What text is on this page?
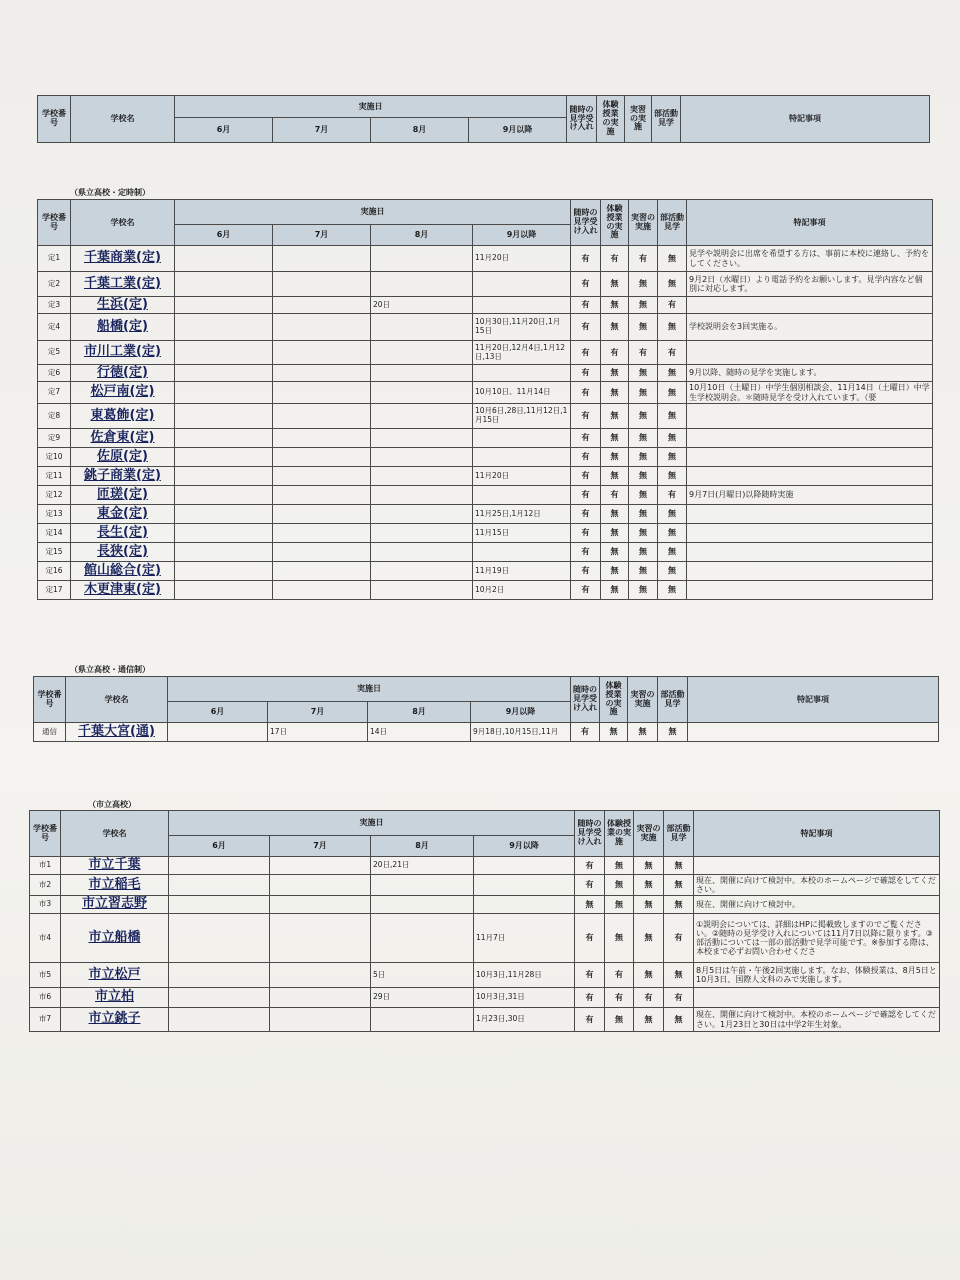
学校番号	学校名	実施日				随時の見学受け入れ	体験授業の実施	実習の実施	部活動見学	特記事項
		6月	7月	8月	9月以降					
（県立高校・定時制）
学校番号	学校名	実施日				随時の見学受け入れ	体験授業の実施	実習の実施	部活動見学	特記事項
		6月	7月	8月	9月以降					
定1	千葉商業(定)				11月20日	有	有	有	無	見学や説明会に出席を希望する方は、事前に本校に連絡し、予約をしてください。
定2	千葉工業(定)					有	無	無	無	9月2日（水曜日）より電話予約をお願いします。見学内容など個別に対応します。
定3	生浜(定)			20日		有	無	無	有	
定4	船橋(定)				10月30日,11月20日,1月15日	有	無	無	無	学校説明会を3回実施る。
定5	市川工業(定)				11月20日,12月4日,1月12日,13日	有	有	有	有	
定6	行徳(定)					有	無	無	無	9月以降、随時の見学を実施します。
定7	松戸南(定)				10月10日、11月14日	有	無	無	無	10月10日（土曜日）中学生個別相談会、11月14日（土曜日）中学生学校説明会。＊随時見学を受け入れています。（要
定8	東葛飾(定)				10月6日,28日,11月12日,1月15日	有	無	無	無	
定9	佐倉東(定)					有	無	無	無	
定10	佐原(定)					有	無	無	無	
定11	銚子商業(定)				11月20日	有	無	無	無	
定12	匝瑳(定)					有	有	無	有	9月7日(月曜日)以降随時実施
定13	東金(定)				11月25日,1月12日	有	無	無	無	
定14	長生(定)				11月15日	有	無	無	無	
定15	長狭(定)					有	無	無	無	
定16	館山総合(定)				11月19日	有	無	無	無	
定17	木更津東(定)				10月2日	有	無	無	無	
（県立高校・通信制）
学校番号	学校名	実施日				随時の見学受け入れ	体験授業の実施	実習の実施	部活動見学	特記事項
		6月	7月	8月	9月以降					
通信	千葉大宮(通)		17日	14日	9月18日,10月15日,11月	有	無	無	無	
（市立高校）
学校番号	学校名	実施日				随時の見学受け入れ	体験授業の実施	実習の実施	部活動見学	特記事項
		6月	7月	8月	9月以降					
市1	市立千葉			20日,21日		有	無	無	無	
市2	市立稲毛					有	無	無	無	現在、開催に向けて検討中。本校のホームページで確認をしてください。
市3	市立習志野					無	無	無	無	現在、開催に向けて検討中。
市4	市立船橋				11月7日	有	無	無	有	①説明会については、詳細はHPに掲載致しますのでご覧ください。②随時の見学受け入れについては11月7日以降に限ります。③部活動については一部の部活動で見学可能です。※参加する際は、本校まで必ずお問い合わせくださ
市5	市立松戸			5日	10月3日,11月28日	有	有	無	無	8月5日は午前・午後2回実施します。なお、体験授業は、8月5日と10月3日、国際人文科のみで実施します。
市6	市立柏			29日	10月3日,31日	有	有	有	有	
市7	市立銚子				1月23日,30日	有	無	無	無	現在、開催に向けて検討中。本校のホームページで確認をしてください。1月23日と30日は中学2年生対象。
